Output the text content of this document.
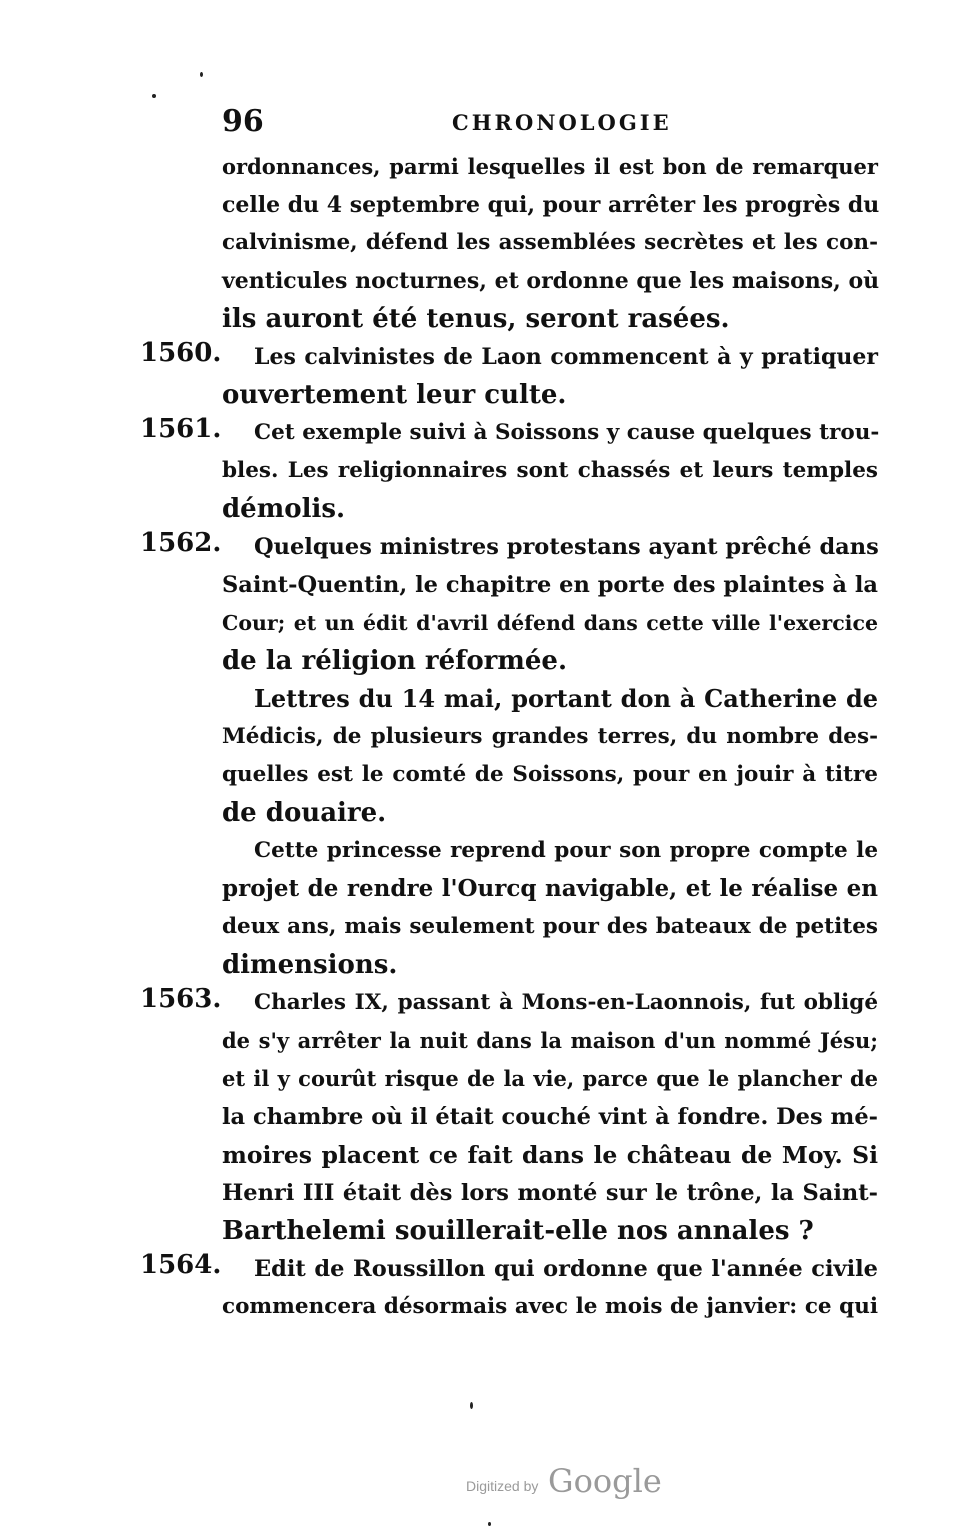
96	CHRONOLOGIE
ordonnances, parmi lesquelles il est bon de remarquer
celle du 4 septembre qui, pour arrêter les progrès du
calvinisme, défend les assemblées secrètes et les con-
venticules nocturnes, et ordonne que les maisons, où
ils auront été tenus, seront rasées.
Les calvinistes de Laon commencent à y pratiquer
1560.
ouvertement leur culte.
Cet exemple suivi à Soissons y cause quelques trou-
1561.
bles. Les religionnaires sont chassés et leurs temples
démolis.
Quelques ministres protestans ayant prêché dans
1562.
Saint-Quentin, le chapitre en porte des plaintes à la
Cour; et un édit d'avril défend dans cette ville l'exercice
de la réligion réformée.
Lettres du 14 mai, portant don à Catherine de
Médicis, de plusieurs grandes terres, du nombre des-
quelles est le comté de Soissons, pour en jouir à titre
de douaire.
Cette princesse reprend pour son propre compte le
projet de rendre l'Ourcq navigable, et le réalise en
deux ans, mais seulement pour des bateaux de petites
dimensions.
Charles IX, passant à Mons-en-Laonnois, fut obligé
1563.
de s'y arrêter la nuit dans la maison d'un nommé Jésu;
et il y courût risque de la vie, parce que le plancher de
la chambre où il était couché vint à fondre. Des mé-
moires placent ce fait dans le château de Moy. Si
Henri III était dès lors monté sur le trône, la Saint-
Barthelemi souillerait-elle nos annales ?
Edit de Roussillon qui ordonne que l'année civile
1564.
commencera désormais avec le mois de janvier: ce qui
Digitized by Google
